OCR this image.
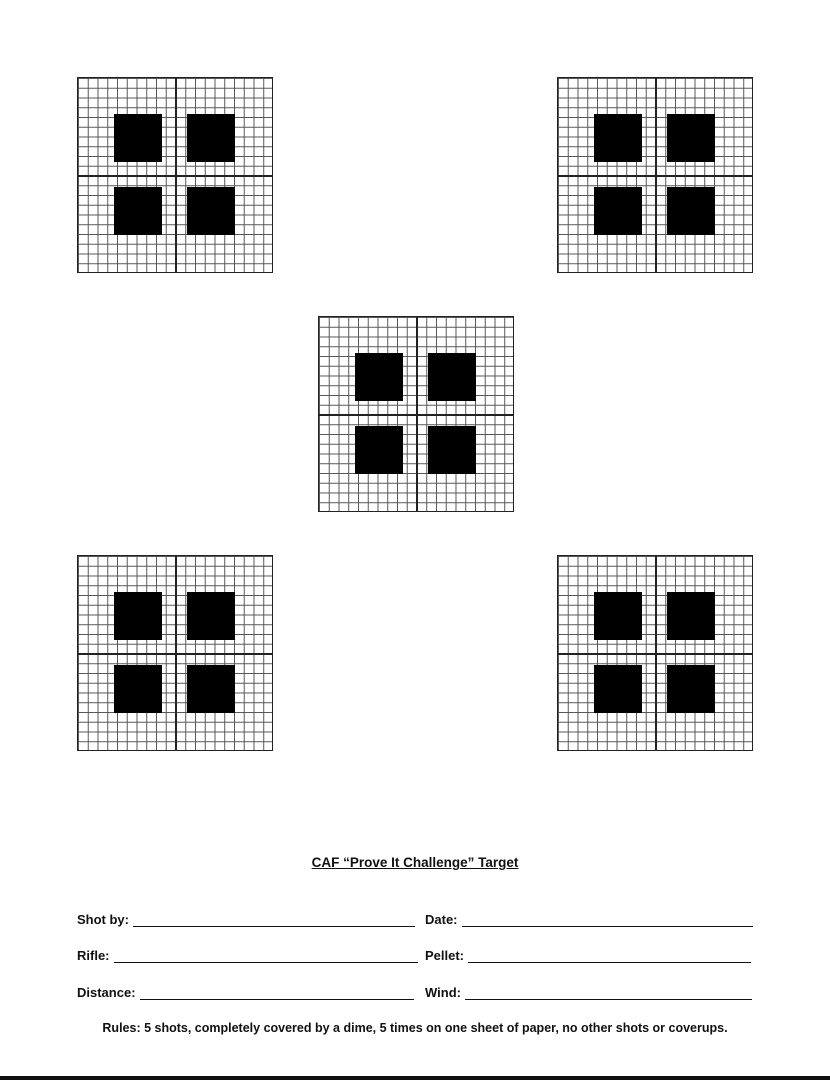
CAF “Prove It Challenge” Target
Shot by:	Date:
Rifle:	Pellet:
Distance:	Wind:
Rules: 5 shots, completely covered by a dime, 5 times on one sheet of paper, no other shots or coverups.
